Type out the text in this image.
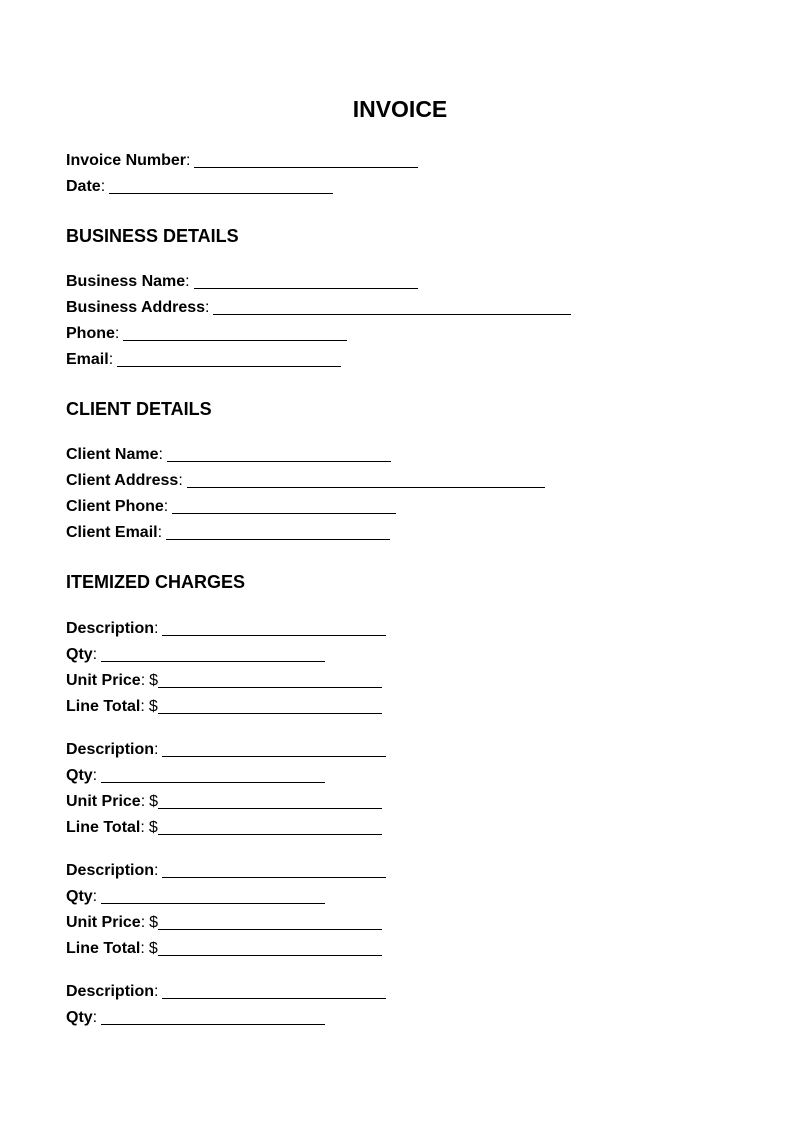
INVOICE
Invoice Number :
Date :
BUSINESS DETAILS
Business Name :
Business Address :
Phone :
Email :
CLIENT DETAILS
Client Name :
Client Address :
Client Phone :
Client Email :
ITEMIZED CHARGES
Description :
Qty :
Unit Price : $
Line Total : $
Description :
Qty :
Unit Price : $
Line Total : $
Description :
Qty :
Unit Price : $
Line Total : $
Description :
Qty :
